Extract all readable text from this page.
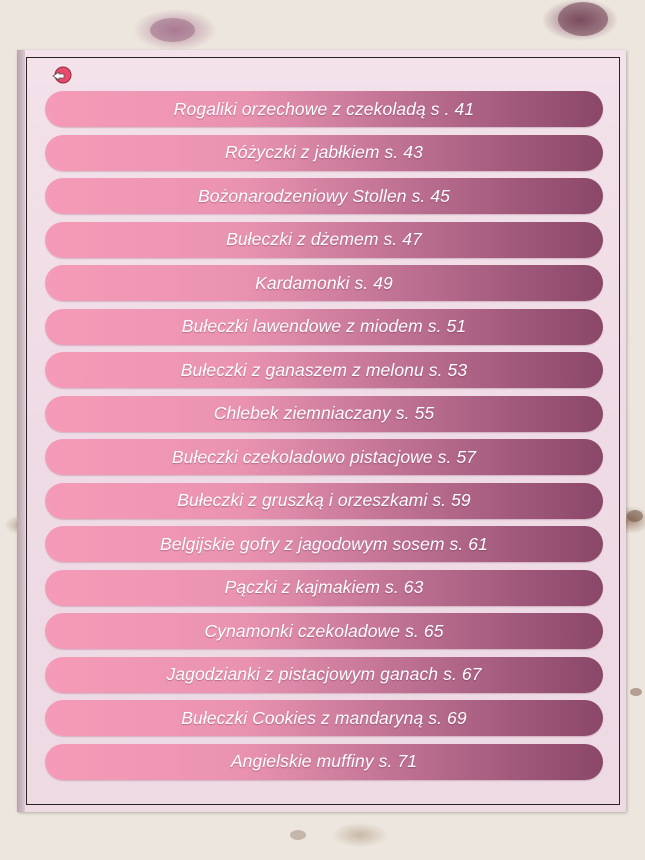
Rogaliki orzechowe z czekoladą s . 41
Różyczki z jabłkiem s. 43
Bożonarodzeniowy Stollen s. 45
Bułeczki z dżemem s. 47
Kardamonki s. 49
Bułeczki lawendowe z miodem s. 51
Bułeczki z ganaszem z melonu s. 53
Chlebek ziemniaczany s. 55
Bułeczki czekoladowo pistacjowe s. 57
Bułeczki z gruszką i orzeszkami s. 59
Belgijskie gofry z jagodowym sosem s. 61
Pączki z kajmakiem s. 63
Cynamonki czekoladowe s. 65
Jagodzianki z pistacjowym ganach s. 67
Bułeczki Cookies z mandaryną s. 69
Angielskie muffiny s. 71
